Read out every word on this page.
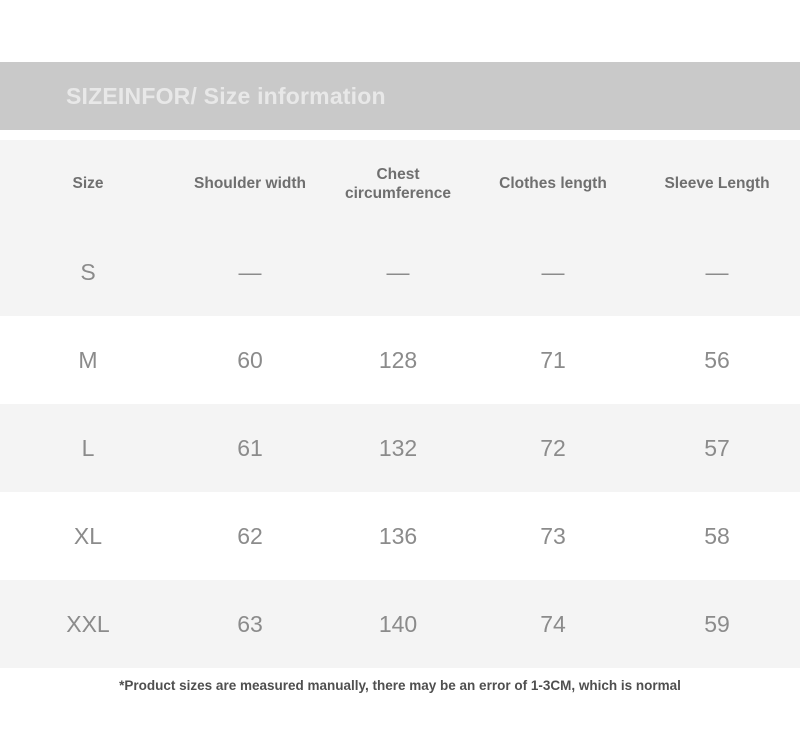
SIZEINFOR/ Size information
Size	Shoulder width	Chest circumference	Clothes length	Sleeve Length
S	—	—	—	—
M	60	128	71	56
L	61	132	72	57
XL	62	136	73	58
XXL	63	140	74	59
*Product sizes are measured manually, there may be an error of 1-3CM, which is normal
